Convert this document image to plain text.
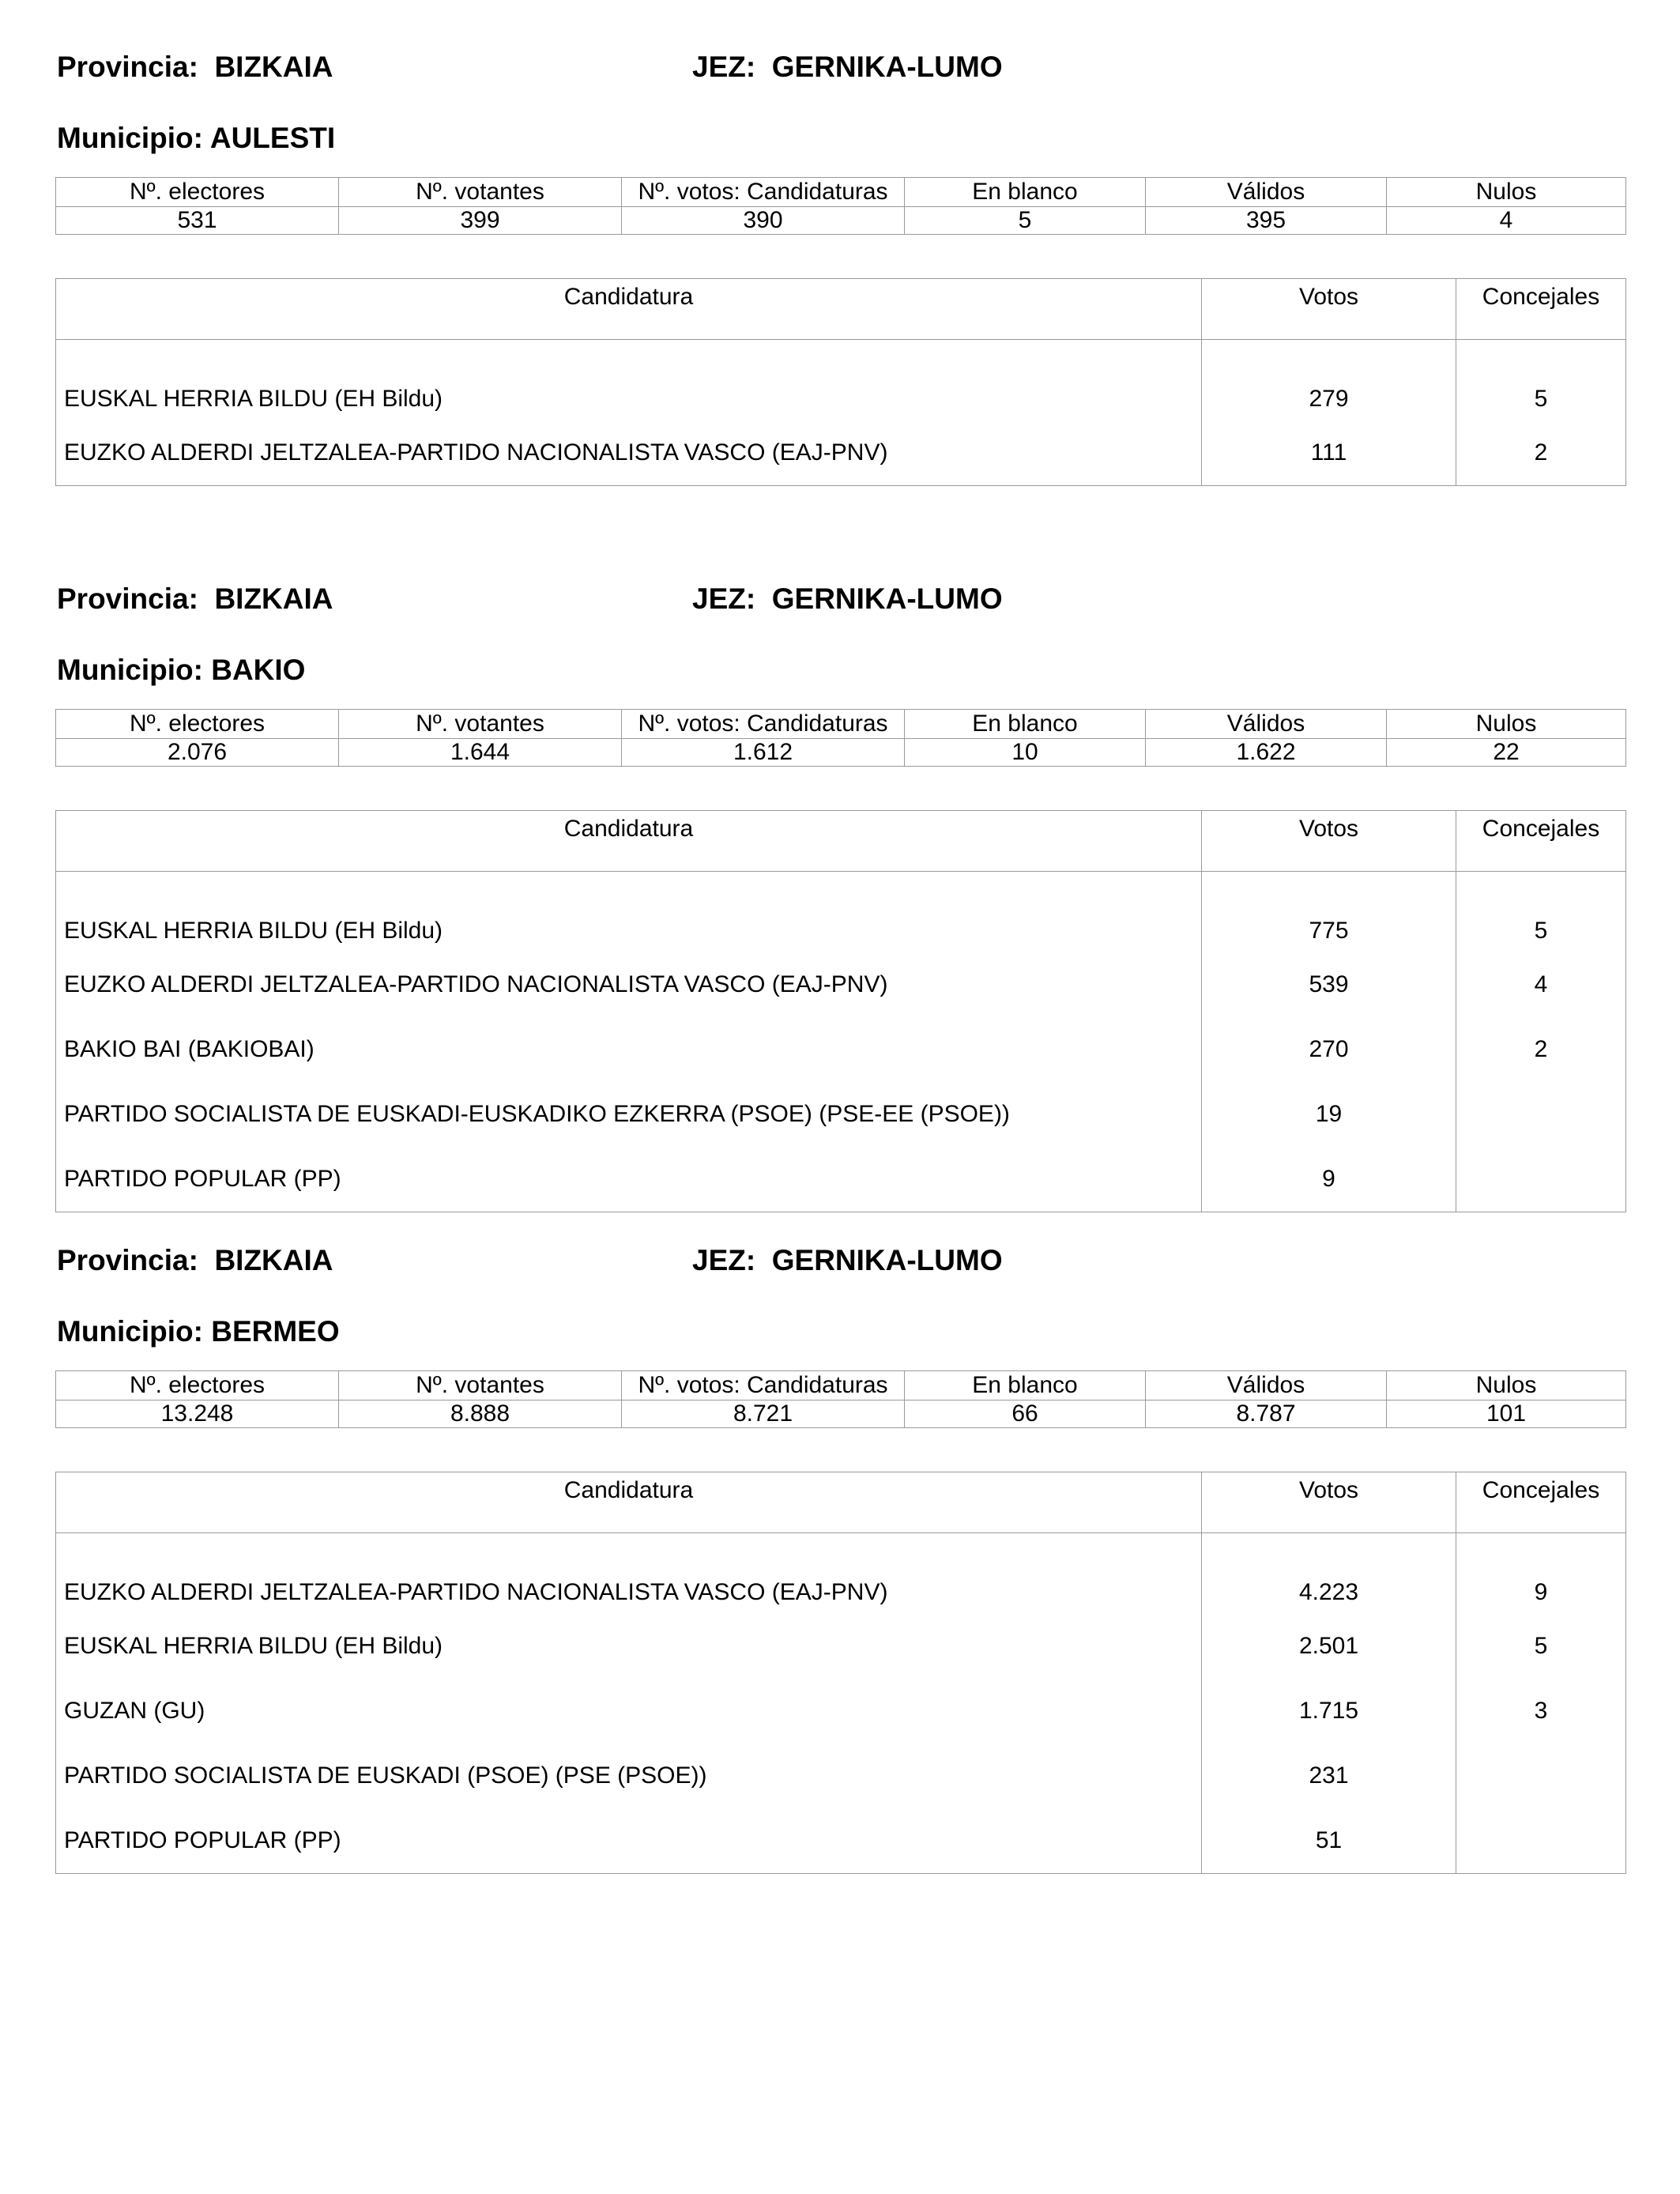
Provincia:  BIZKAIA	JEZ:  GERNIKA-LUMO
Municipio: AULESTI
Nº. electores	Nº. votantes	Nº. votos: Candidaturas	En blanco	Válidos	Nulos
531	399	390	5	395	4
Candidatura	Votos	Concejales
EUSKAL HERRIA BILDU (EH Bildu)	279	5
EUZKO ALDERDI JELTZALEA-PARTIDO NACIONALISTA VASCO (EAJ-PNV)	111	2
Provincia:  BIZKAIA	JEZ:  GERNIKA-LUMO
Municipio: BAKIO
Nº. electores	Nº. votantes	Nº. votos: Candidaturas	En blanco	Válidos	Nulos
2.076	1.644	1.612	10	1.622	22
Candidatura	Votos	Concejales
EUSKAL HERRIA BILDU (EH Bildu)	775	5
EUZKO ALDERDI JELTZALEA-PARTIDO NACIONALISTA VASCO (EAJ-PNV)	539	4
BAKIO BAI (BAKIOBAI)	270	2
PARTIDO SOCIALISTA DE EUSKADI-EUSKADIKO EZKERRA (PSOE) (PSE-EE (PSOE))	19	
PARTIDO POPULAR (PP)	9	
Provincia:  BIZKAIA	JEZ:  GERNIKA-LUMO
Municipio: BERMEO
Nº. electores	Nº. votantes	Nº. votos: Candidaturas	En blanco	Válidos	Nulos
13.248	8.888	8.721	66	8.787	101
Candidatura	Votos	Concejales
EUZKO ALDERDI JELTZALEA-PARTIDO NACIONALISTA VASCO (EAJ-PNV)	4.223	9
EUSKAL HERRIA BILDU (EH Bildu)	2.501	5
GUZAN (GU)	1.715	3
PARTIDO SOCIALISTA DE EUSKADI (PSOE) (PSE (PSOE))	231	
PARTIDO POPULAR (PP)	51	
